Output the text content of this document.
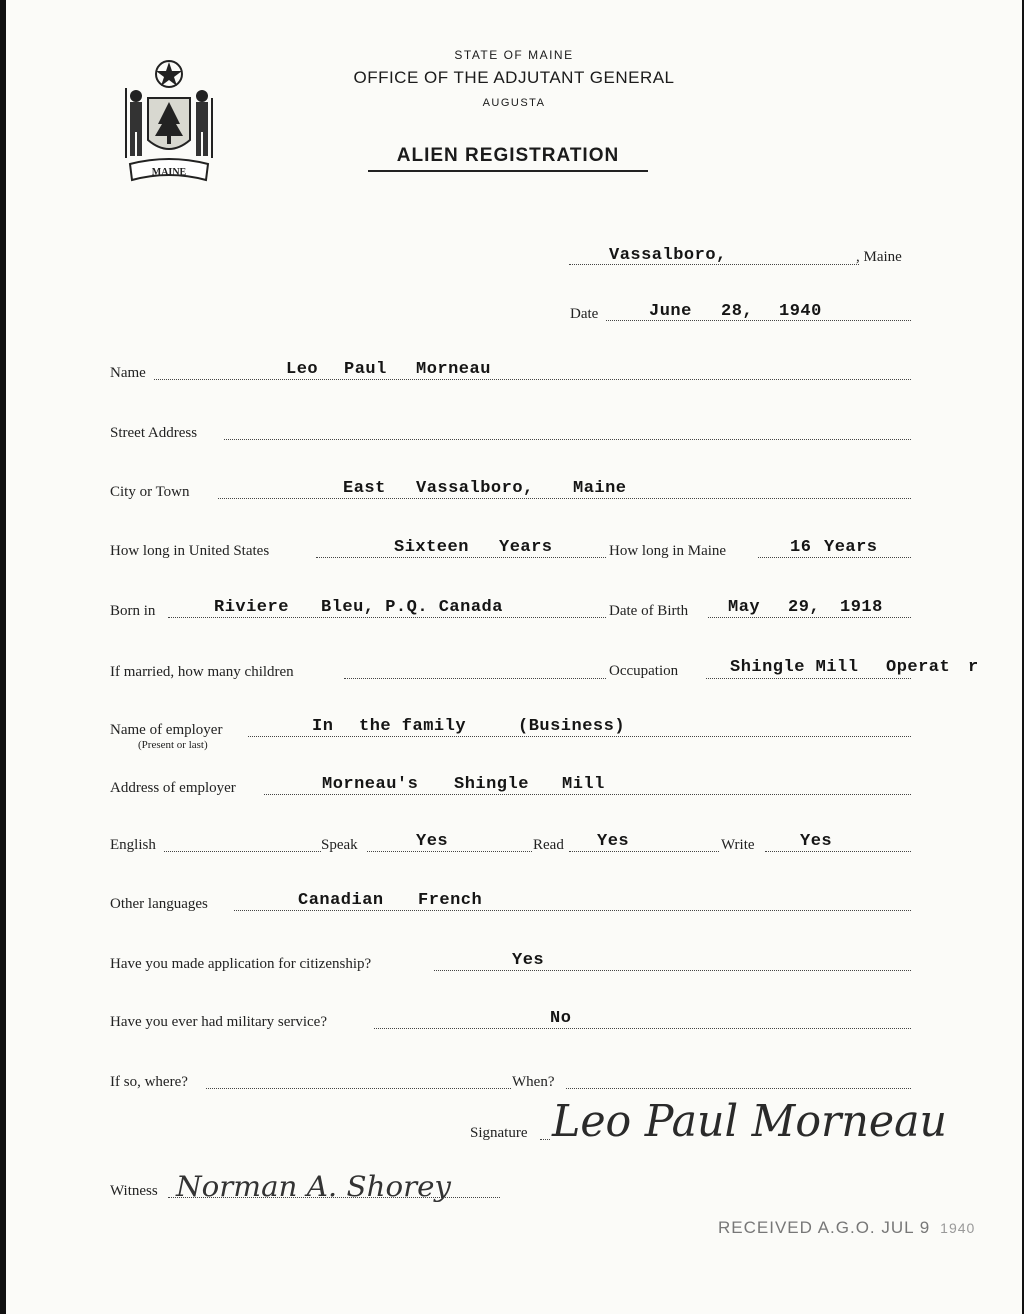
MAINE
STATE OF MAINE
OFFICE OF THE ADJUTANT GENERAL
AUGUSTA
ALIEN REGISTRATION
Vassalboro,	, Maine
Date	June 28, 1940
Name	Leo Paul Morneau
Street Address
City or Town	East Vassalboro, Maine
How long in United States	Sixteen Years	How long in Maine	16 Years
Born in	Riviere Bleu, P.Q. Canada	Date of Birth May 29, 1918
If married, how many children	Occupation	Shingle Mill Operat r
Name of employer
(Present or last)
In the family	(Business)
Address of employer	Morneau's Shingle Mill
English	Speak	Yes	Read Yes	Write	Yes
Other languages	Canadian French
Have you made application for citizenship?	Yes
Have you ever had military service?	No
If so, where?	When?
Signature Leo Paul Morneau
Witness Norman A. Shorey
RECEIVED A.G.O. JUL 9 1940
